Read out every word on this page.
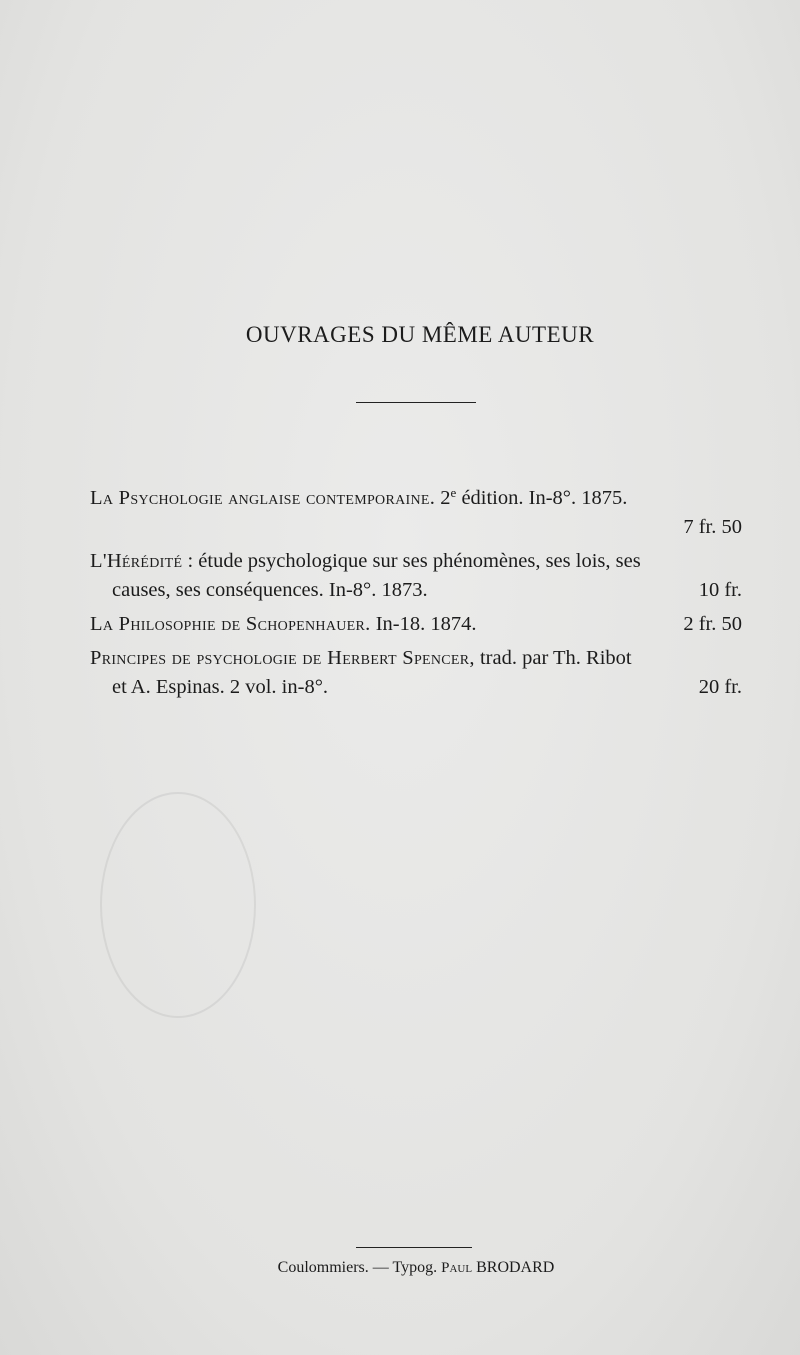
OUVRAGES DU MÊME AUTEUR
La Psychologie anglaise contemporaine. 2e édition. In-8°. 1875.
7 fr. 50
L'Hérédité : étude psychologique sur ses phénomènes, ses lois, ses
causes, ses conséquences. In-8°. 1873.	10 fr.
La Philosophie de Schopenhauer. In-18. 1874.	2 fr. 50
Principes de psychologie de Herbert Spencer, trad. par Th. Ribot
et A. Espinas. 2 vol. in-8°.	20 fr.
Coulommiers. — Typog. Paul BRODARD
